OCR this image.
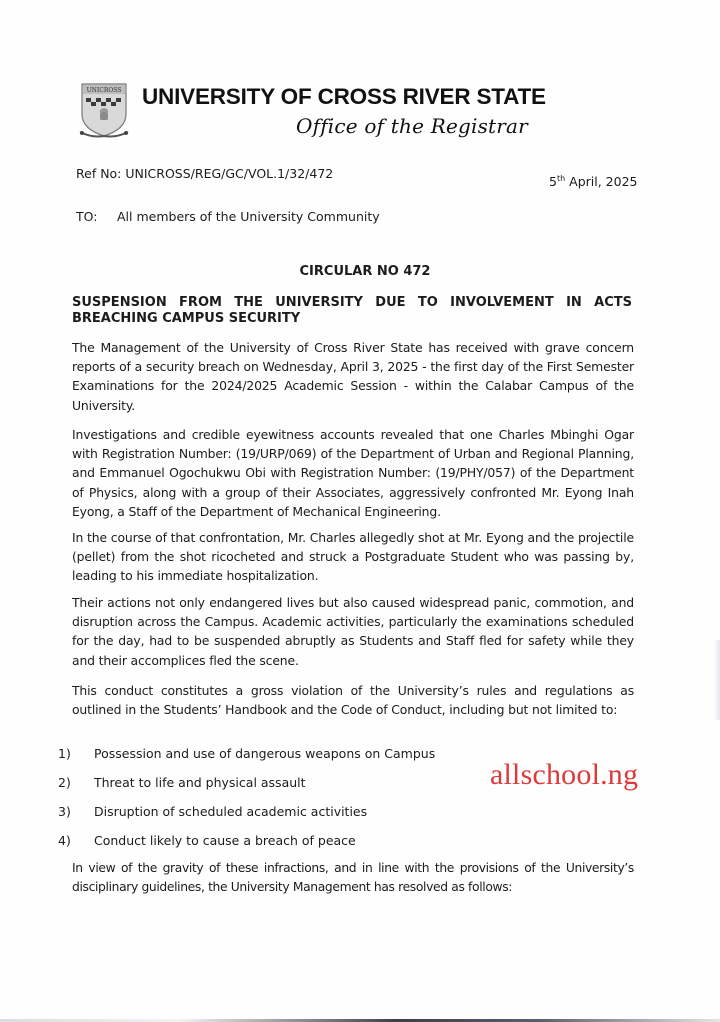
UNICROSS UNIVERSITY OF CROSS RIVER STATE
Office of the Registrar
Ref No: UNICROSS/REG/GC/VOL.1/32/472
5th April, 2025
TO: All members of the University Community
CIRCULAR NO 472
SUSPENSION FROM THE UNIVERSITY DUE TO INVOLVEMENT IN ACTS
BREACHING CAMPUS SECURITY

The Management of the University of Cross River State has received with grave concern reports of a security breach on Wednesday, April 3, 2025 - the first day of the First Semester Examinations for the 2024/2025 Academic Session - within the Calabar Campus of the University.

Investigations and credible eyewitness accounts revealed that one Charles Mbinghi Ogar with Registration Number: (19/URP/069) of the Department of Urban and Regional Planning, and Emmanuel Ogochukwu Obi with Registration Number: (19/PHY/057) of the Department of Physics, along with a group of their Associates, aggressively confronted Mr. Eyong Inah Eyong, a Staff of the Department of Mechanical Engineering.

In the course of that confrontation, Mr. Charles allegedly shot at Mr. Eyong and the projectile (pellet) from the shot ricocheted and struck a Postgraduate Student who was passing by, leading to his immediate hospitalization.

Their actions not only endangered lives but also caused widespread panic, commotion, and disruption across the Campus. Academic activities, particularly the examinations scheduled for the day, had to be suspended abruptly as Students and Staff fled for safety while they and their accomplices fled the scene.

This conduct constitutes a gross violation of the University’s rules and regulations as outlined in the Students’ Handbook and the Code of Conduct, including but not limited to:

1) Possession and use of dangerous weapons on Campus
2) Threat to life and physical assault
3) Disruption of scheduled academic activities
4) Conduct likely to cause a breach of peace
allschool.ng

In view of the gravity of these infractions, and in line with the provisions of the University’s disciplinary guidelines, the University Management has resolved as follows:
